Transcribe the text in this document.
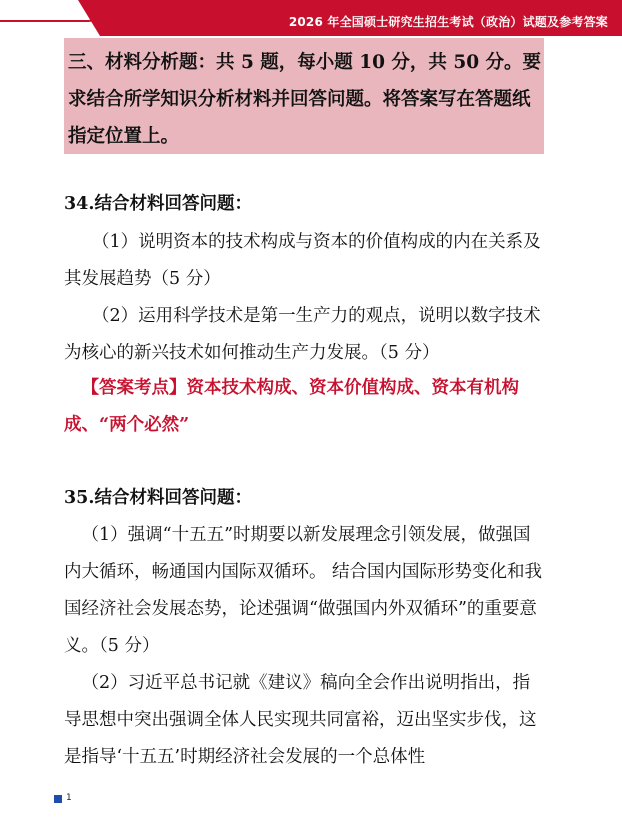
2026 年全国硕士研究生招生考试（政治）试题及参考答案
三、材料分析题：共 5 题，每小题 10 分，共 50 分。要求结合所学知识分析材料并回答问题。将答案写在答题纸指定位置上。
34.结合材料回答问题：
（1）说明资本的技术构成与资本的价值构成的内在关系及其发展趋势（5 分）
（2）运用科学技术是第一生产力的观点，说明以数字技术为核心的新兴技术如何推动生产力发展。（5 分）
【答案考点】资本技术构成、资本价值构成、资本有机构成、“两个必然”
35.结合材料回答问题：
（1）强调“十五五”时期要以新发展理念引领发展，做强国内大循环，畅通国内国际双循环。 结合国内国际形势变化和我国经济社会发展态势，论述强调“做强国内外双循环”的重要意义。（5 分）
（2）习近平总书记就《建议》稿向全会作出说明指出，指导思想中突出强调全体人民实现共同富裕，迈出坚实步伐，这是指导‘十五五’时期经济社会发展的一个总体性
1
